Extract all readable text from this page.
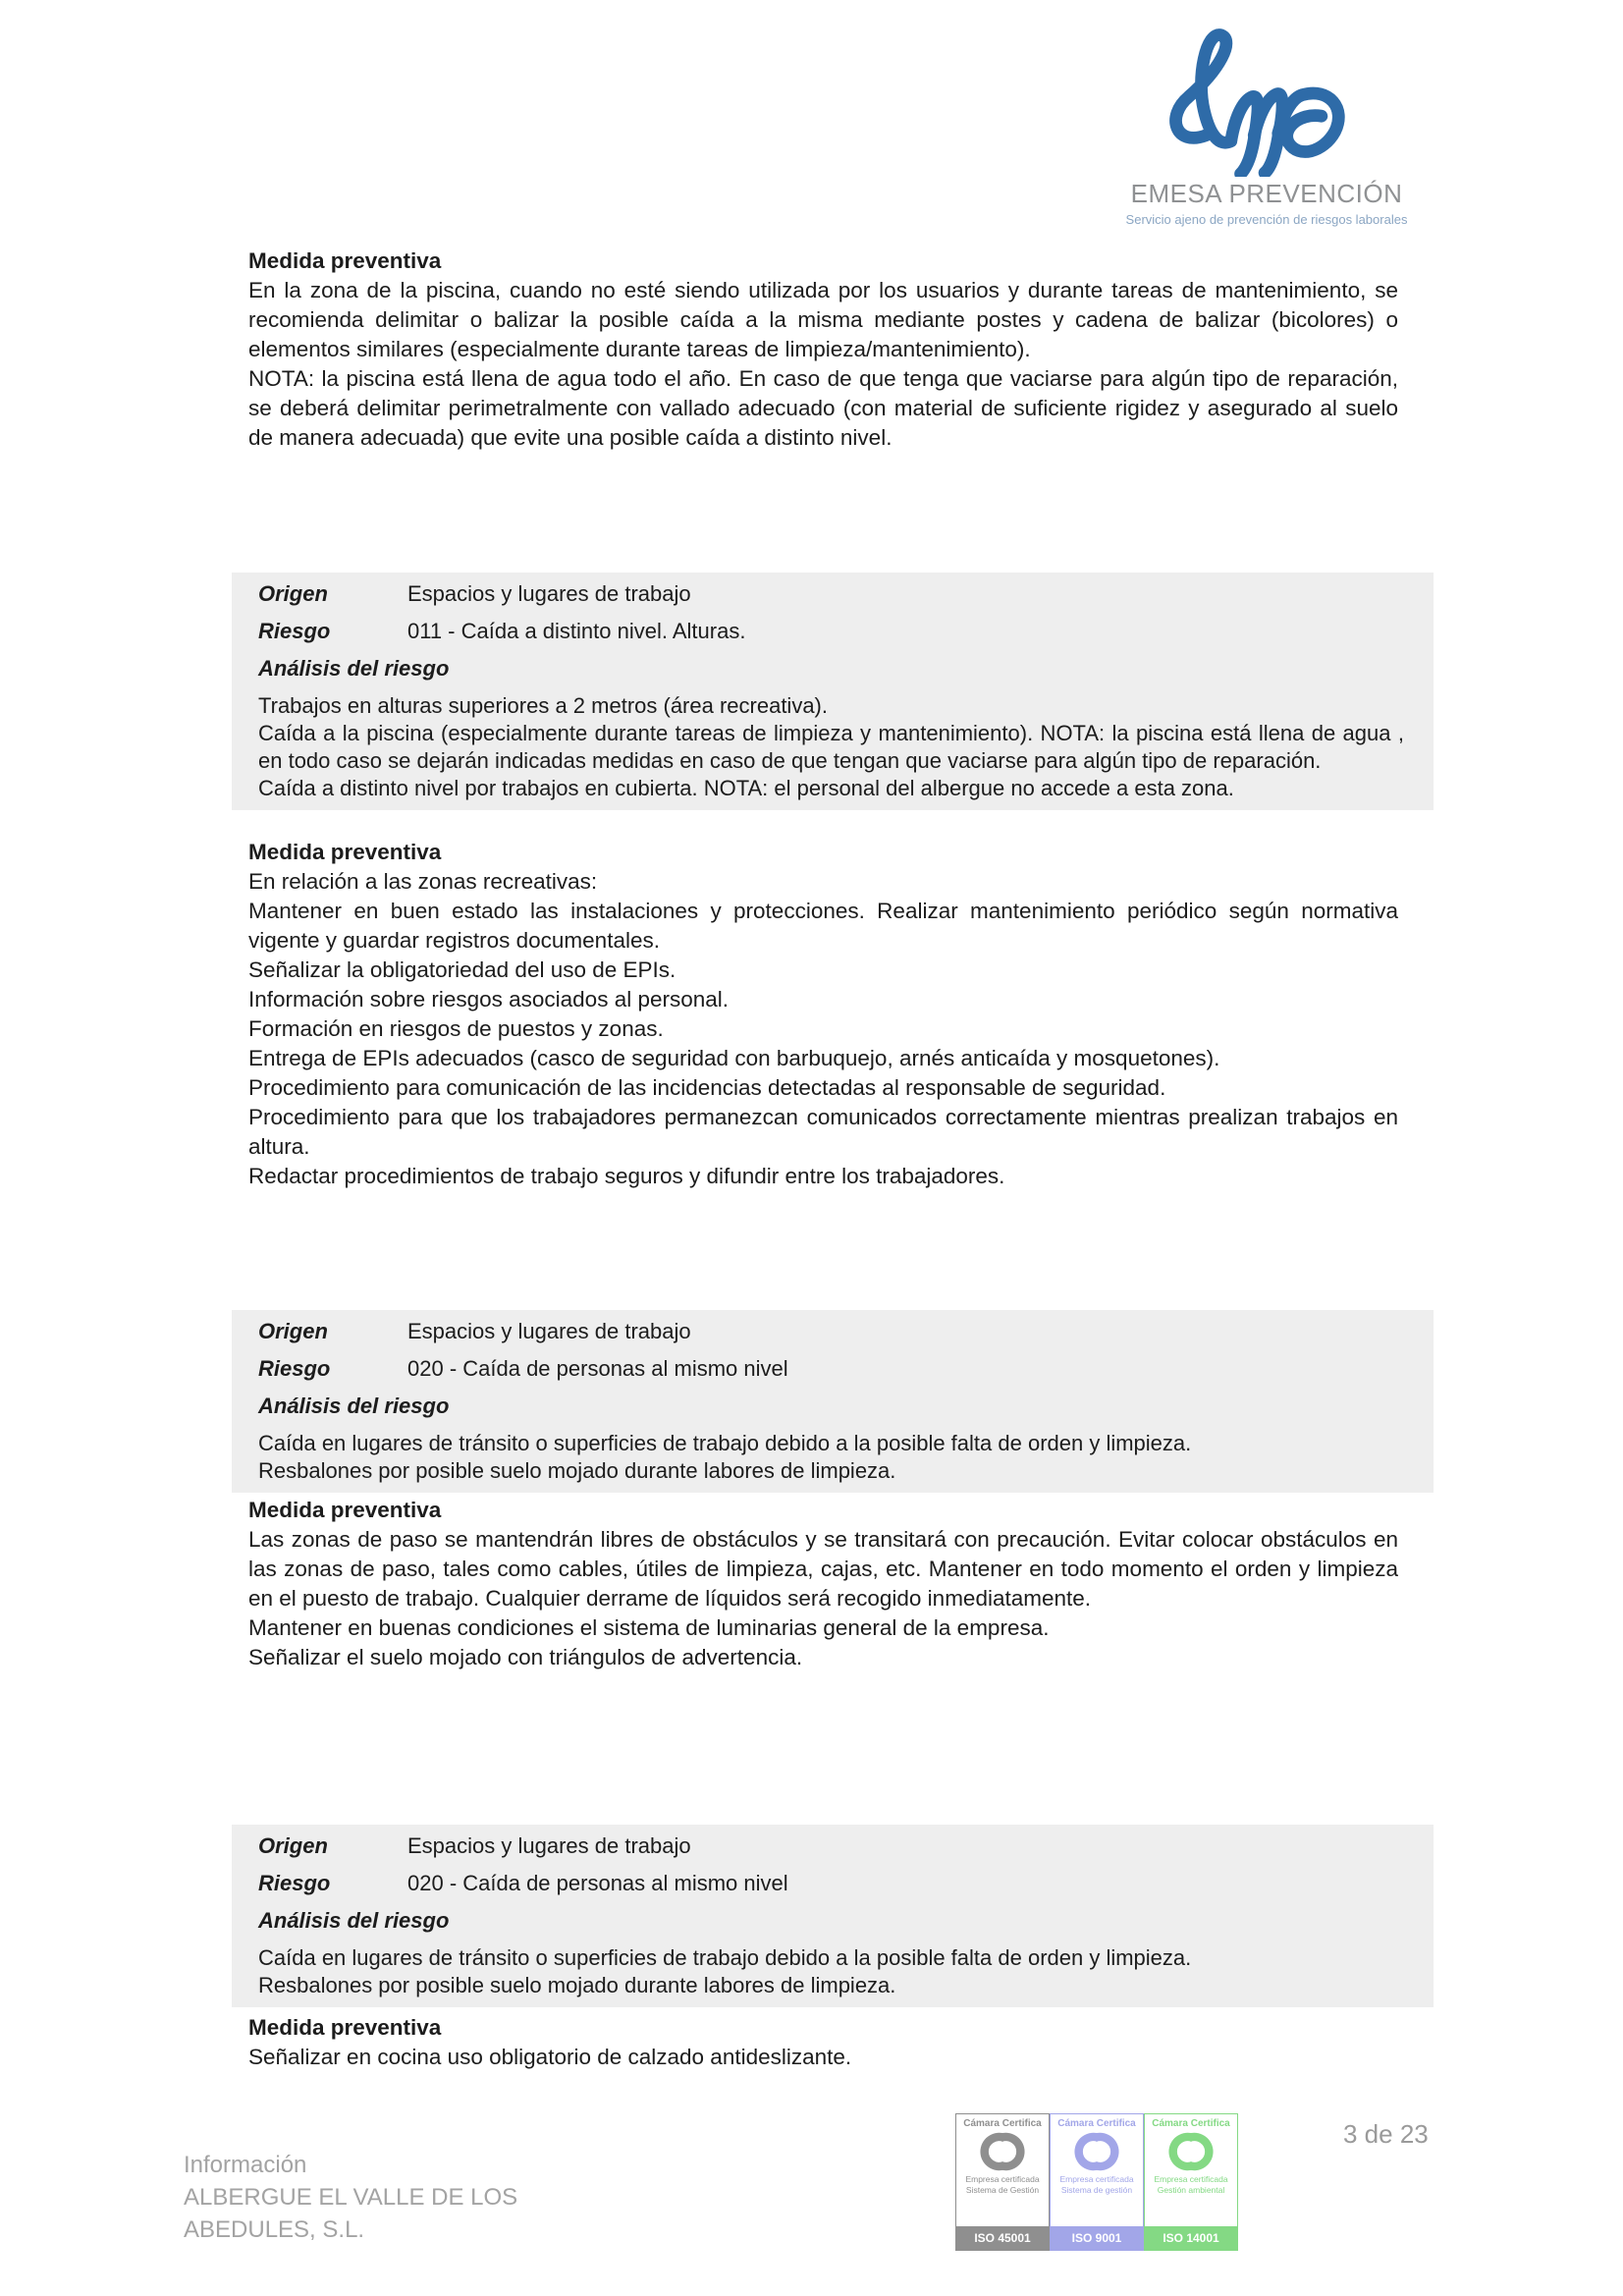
EMESA PREVENCIÓN
Servicio ajeno de prevención de riesgos laborales
Medida preventiva

En la zona de la piscina, cuando no esté siendo utilizada por los usuarios y durante tareas de mantenimiento, se recomienda delimitar o balizar la posible caída a la misma mediante postes y cadena de balizar (bicolores) o elementos similares (especialmente durante tareas de limpieza/mantenimiento).

NOTA: la piscina está llena de agua todo el año. En caso de que tenga que vaciarse para algún tipo de reparación, se deberá delimitar perimetralmente con vallado adecuado (con material de suficiente rigidez y asegurado al suelo de manera adecuada) que evite una posible caída a distinto nivel.

Origen	Espacios y lugares de trabajo
Riesgo	011 - Caída a distinto nivel. Alturas.
Análisis del riesgo

Trabajos en alturas superiores a 2 metros (área recreativa).

Caída a la piscina (especialmente durante tareas de limpieza y mantenimiento). NOTA: la piscina está llena de agua , en todo caso se dejarán indicadas medidas en caso de que tengan que vaciarse para algún tipo de reparación.

Caída a distinto nivel por trabajos en cubierta. NOTA: el personal del albergue no accede a esta zona.

Medida preventiva

En relación a las zonas recreativas:

Mantener en buen estado las instalaciones y protecciones. Realizar mantenimiento periódico según normativa vigente y guardar registros documentales.

Señalizar la obligatoriedad del uso de EPIs.

Información sobre riesgos asociados al personal.

Formación en riesgos de puestos y zonas.

Entrega de EPIs adecuados (casco de seguridad con barbuquejo, arnés anticaída y mosquetones).

Procedimiento para comunicación de las incidencias detectadas al responsable de seguridad.

Procedimiento para que los trabajadores permanezcan comunicados correctamente mientras prealizan trabajos en altura.

Redactar procedimientos de trabajo seguros y difundir entre los trabajadores.

Origen	Espacios y lugares de trabajo
Riesgo	020 - Caída de personas al mismo nivel
Análisis del riesgo

Caída en lugares de tránsito o superficies de trabajo debido a la posible falta de orden y limpieza.

Resbalones por posible suelo mojado durante labores de limpieza.

Medida preventiva

Las zonas de paso se mantendrán libres de obstáculos y se transitará con precaución. Evitar colocar obstáculos en las zonas de paso, tales como cables, útiles de limpieza, cajas, etc. Mantener en todo momento el orden y limpieza en el puesto de trabajo. Cualquier derrame de líquidos será recogido inmediatamente.

Mantener en buenas condiciones el sistema de luminarias general de la empresa.

Señalizar el suelo mojado con triángulos de advertencia.

Origen	Espacios y lugares de trabajo
Riesgo	020 - Caída de personas al mismo nivel
Análisis del riesgo

Caída en lugares de tránsito o superficies de trabajo debido a la posible falta de orden y limpieza.

Resbalones por posible suelo mojado durante labores de limpieza.

Medida preventiva

Señalizar en cocina uso obligatorio de calzado antideslizante.

Información
ALBERGUE EL VALLE DE LOS
ABEDULES, S.L.
Cámara Certifica
Empresa certificada
Sistema de Gestión
ISO 45001
Cámara Certifica
Empresa certificada
Sistema de gestión
ISO 9001
Cámara Certifica
Empresa certificada
Gestión ambiental
ISO 14001
3 de 23
